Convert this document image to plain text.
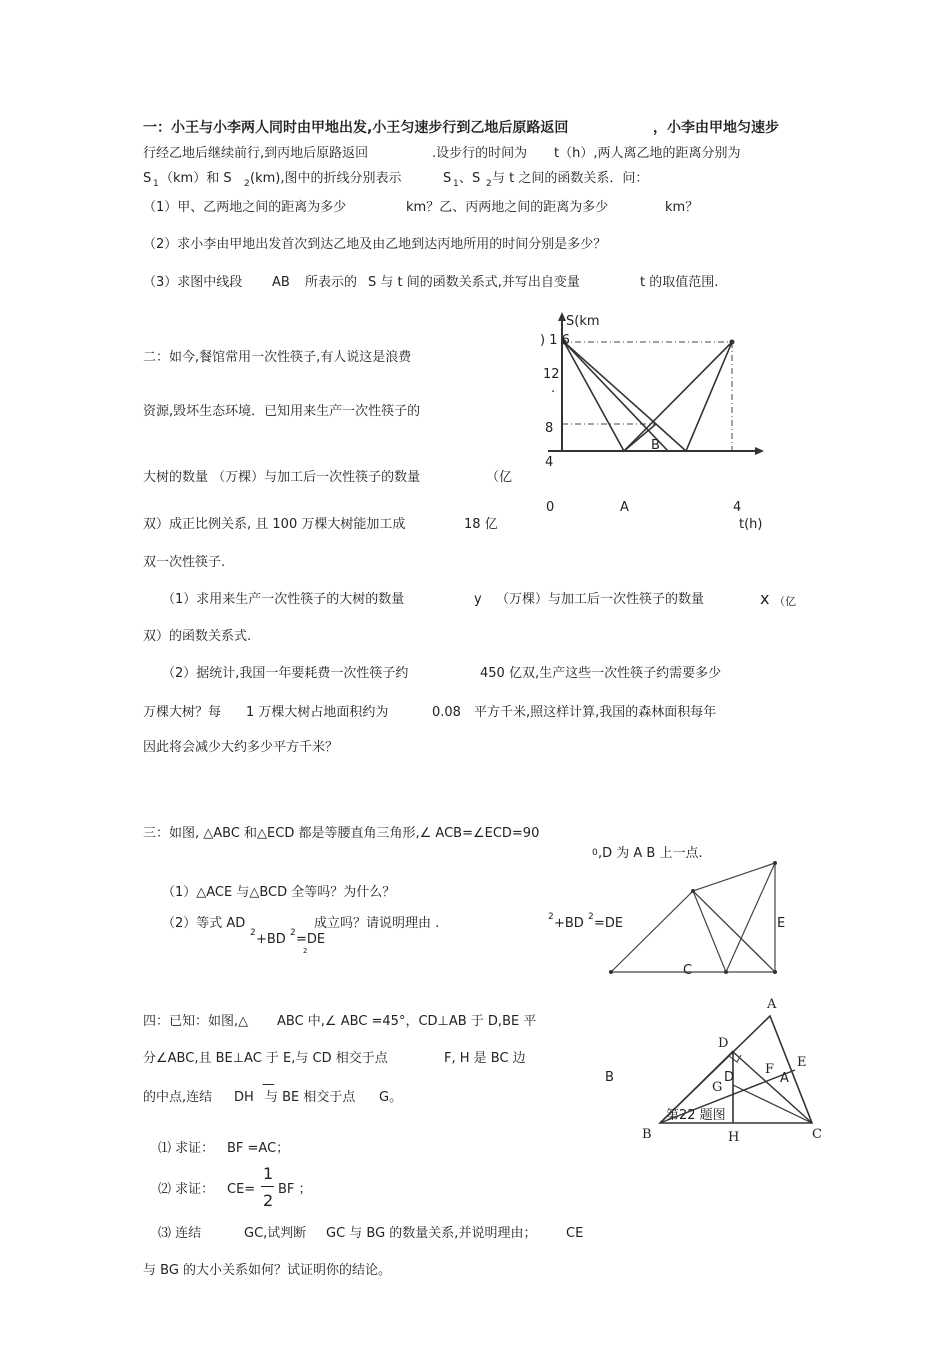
一：小王与小李两人同时由甲地出发,小王匀速步行到乙地后原路返回	，小李由甲地匀速步
行经乙地后继续前行,到丙地后原路返回	.设步行的时间为 t（h）,两人离乙地的距离分别为
S 1 （km）和 S 2 (km),图中的折线分别表示	S 1 、S 2 与 t 之间的函数关系．问：
（1）甲、乙两地之间的距离为多少	km？乙、丙两地之间的距离为多少	km？
（2）求小李由甲地出发首次到达乙地及由乙地到达丙地所用的时间分别是多少？
（3）求图中线段 AB 所表示的 S 与 t 间的函数关系式,并写出自变量	t 的取值范围.
S(km
) 1 6
12
.
8
4
B
0	A	4
t(h)
二：如今,餐馆常用一次性筷子,有人说这是浪费
资源,毁坏生态环境．已知用来生产一次性筷子的
大树的数量 （万棵）与加工后一次性筷子的数量	（亿
双）成正比例关系, 且 100 万棵大树能加工成	18 亿
双一次性筷子.
（1）求用来生产一次性筷子的大树的数量	y （万棵）与加工后一次性筷子的数量	x （亿
双）的函数关系式.
（2）据统计,我国一年要耗费一次性筷子约	450 亿双,生产这些一次性筷子约需要多少
万棵大树？每 1 万棵大树占地面积约为	0.08 平方千米,照这样计算,我国的森林面积每年
因此将会减少大约多少平方千米？
三：如图, △ABC 和△ECD 都是等腰直角三角形,∠ ACB=∠ECD=90
0 ,D 为 A B 上一点.
（1）△ACE 与△BCD 全等吗？为什么？
（2）等式 AD	成立吗？请说明理由 .
2 +BD 2 =DE
2
2 +BD 2 =DE	E
C
四：已知：如图,△ ABC 中,∠ ABC =45°，CD⊥AB 于 D,BE 平
分∠ABC,且 BE⊥AC 于 E,与 CD 相交于点	F, H 是 BC 边
的中点,连结 DH
—
与 BE 相交于点 G。
⑴ 求证： BF =AC；
⑵ 求证： CE=
1
2
BF ；
⑶ 连结	GC,试判断 GC 与 BG 的数量关系,并说明理由； CE
与 BG 的大小关系如何？试证明你的结论。
B
A
D
D
E
F
A
G
第22 题图
B	H	C
